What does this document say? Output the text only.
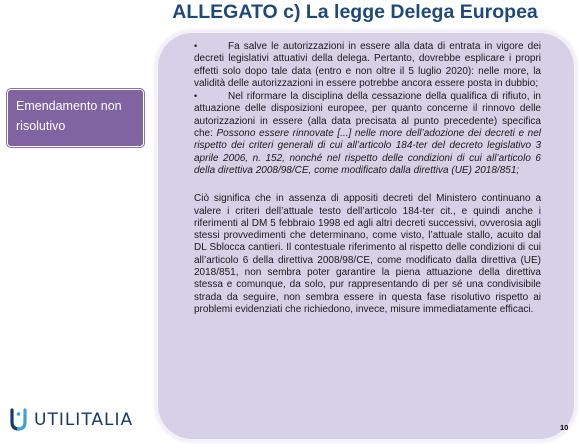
ALLEGATO c) La legge Delega Europea
Emendamento non risolutivo
•	Fa salve le autorizzazioni in essere alla data di entrata in vigore dei decreti legislativi attuativi della delega. Pertanto, dovrebbe esplicare i propri effetti solo dopo tale data (entro e non oltre il 5 luglio 2020): nelle more, la validità delle autorizzazioni in essere potrebbe ancora essere posta in dubbio;
•	Nel riformare la disciplina della cessazione della qualifica di rifiuto, in attuazione delle disposizioni europee, per quanto concerne il rinnovo delle autorizzazioni in essere (alla data precisata al punto precedente) specifica che: Possono essere rinnovate [...] nelle more dell’adozione dei decreti e nel rispetto dei criteri generali di cui all’articolo 184-ter del decreto legislativo 3 aprile 2006, n. 152, nonché nel rispetto delle condizioni di cui all’articolo 6 della direttiva 2008/98/CE, come modificato dalla direttiva (UE) 2018/851;
Ciò significa che in assenza di appositi decreti del Ministero continuano a valere i criteri dell’attuale testo dell’articolo 184-ter cit., e quindi anche i riferimenti al DM 5 febbraio 1998 ed agli altri decreti successivi, ovverosia agli stessi provvedimenti che determinano, come visto, l’attuale stallo, acuito dal DL Sblocca cantieri. Il contestuale riferimento al rispetto delle condizioni di cui all’articolo 6 della direttiva 2008/98/CE, come modificato dalla direttiva (UE) 2018/851, non sembra poter garantire la piena attuazione della direttiva stessa e comunque, da solo, pur rappresentando di per sé una condivisibile strada da seguire, non sembra essere in questa fase risolutivo rispetto ai problemi evidenziati che richiedono, invece, misure immediatamente efficaci.
UTILITALIA	10
